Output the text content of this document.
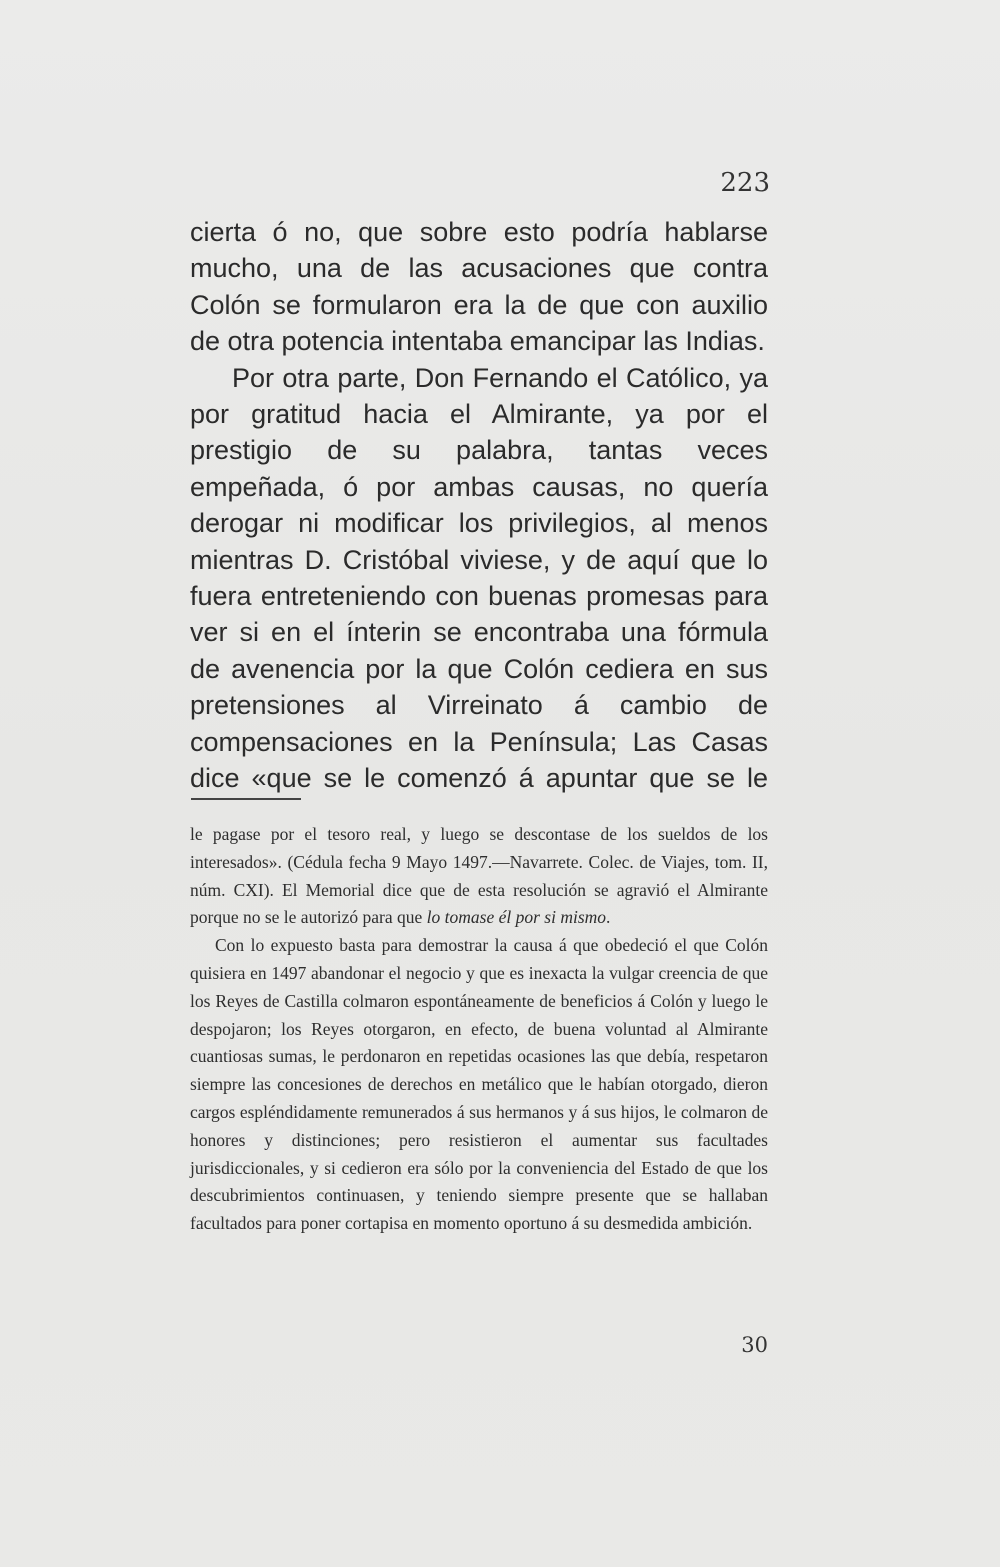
223

cierta ó no, que sobre esto podría hablarse mucho, una de las acusaciones que contra Colón se formularon era la de que con auxilio de otra potencia intentaba emancipar las Indias.

Por otra parte, Don Fernando el Católico, ya por gratitud hacia el Almirante, ya por el prestigio de su palabra, tantas veces empeñada, ó por ambas causas, no quería derogar ni modificar los privilegios, al menos mientras D. Cristóbal viviese, y de aquí que lo fuera entreteniendo con buenas promesas para ver si en el ínterin se encontraba una fórmula de avenencia por la que Colón cediera en sus pretensiones al Virreinato á cambio de compensaciones en la Península; Las Casas dice «que se le comenzó á apuntar que se le

le pagase por el tesoro real, y luego se descontase de los sueldos de los interesados». (Cédula fecha 9 Mayo 1497.—Navarrete. Colec. de Viajes, tom. II, núm. CXI). El Memorial dice que de esta resolución se agravió el Almirante porque no se le autorizó para que lo tomase él por si mismo.

Con lo expuesto basta para demostrar la causa á que obedeció el que Colón quisiera en 1497 abandonar el negocio y que es inexacta la vulgar creencia de que los Reyes de Castilla colmaron espontáneamente de beneficios á Colón y luego le despojaron; los Reyes otorgaron, en efecto, de buena voluntad al Almirante cuantiosas sumas, le perdonaron en repetidas ocasiones las que debía, respetaron siempre las concesiones de derechos en metálico que le habían otorgado, dieron cargos espléndidamente remunerados á sus hermanos y á sus hijos, le colmaron de honores y distinciones; pero resistieron el aumentar sus facultades jurisdiccionales, y si cedieron era sólo por la conveniencia del Estado de que los descubrimientos continuasen, y teniendo siempre presente que se hallaban facultados para poner cortapisa en momento oportuno á su desmedida ambición.

30
